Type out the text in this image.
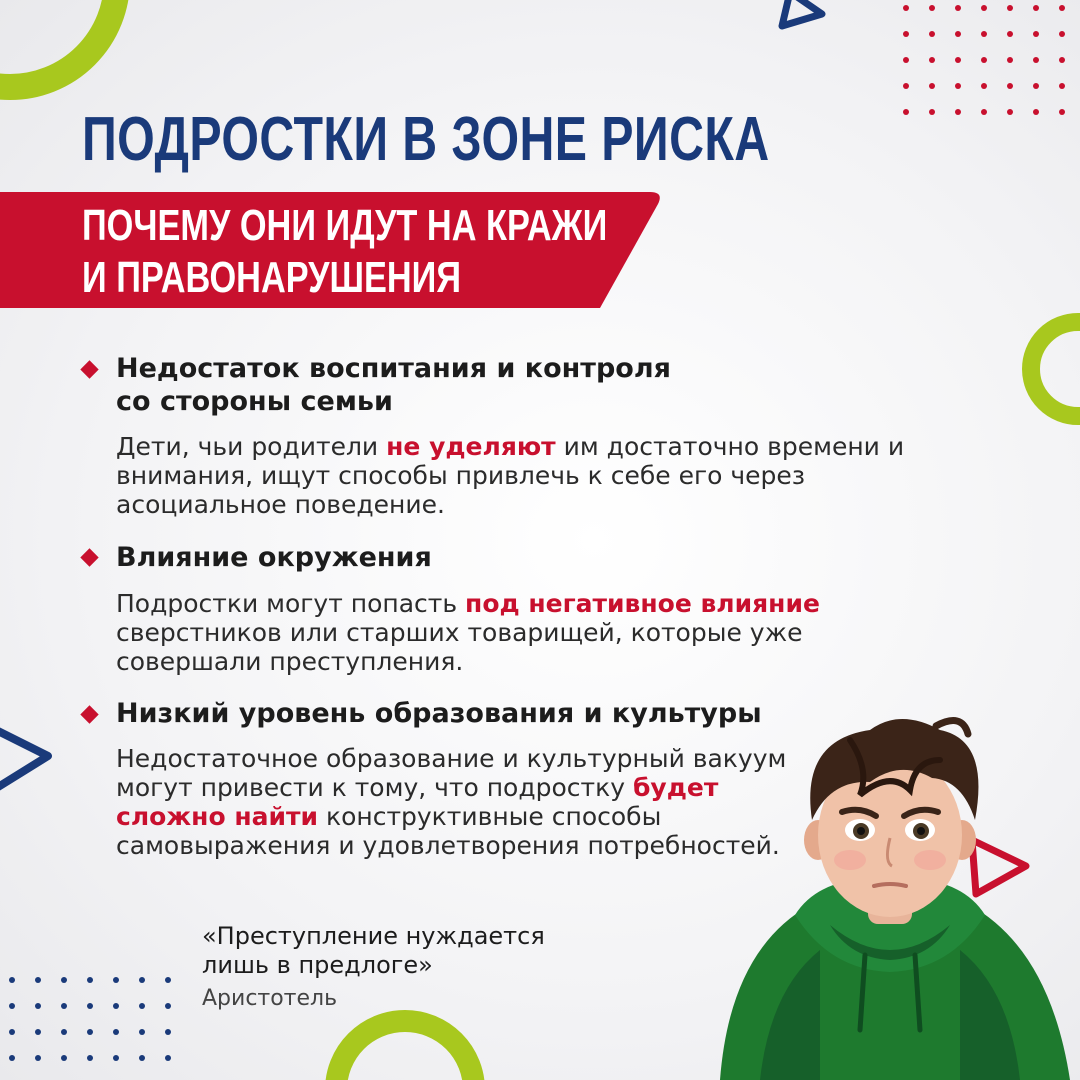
ПОДРОСТКИ В ЗОНЕ РИСКА
ПОЧЕМУ ОНИ ИДУТ НА КРАЖИ
И ПРАВОНАРУШЕНИЯ
Недостаток воспитания и контроля
со стороны семьи

Дети, чьи родители не уделяют им достаточно времени и внимания, ищут способы привлечь к себе его через асоциальное поведение.

Влияние окружения

Подростки могут попасть под негативное влияние сверстников или старших товарищей, которые уже совершали преступления.

Низкий уровень образования и культуры

Недостаточное образование и культурный вакуум могут привести к тому, что подростку будет сложно найти конструктивные способы самовыражения и удовлетворения потребностей.

«Преступление нуждается
лишь в предлоге»

Аристотель
